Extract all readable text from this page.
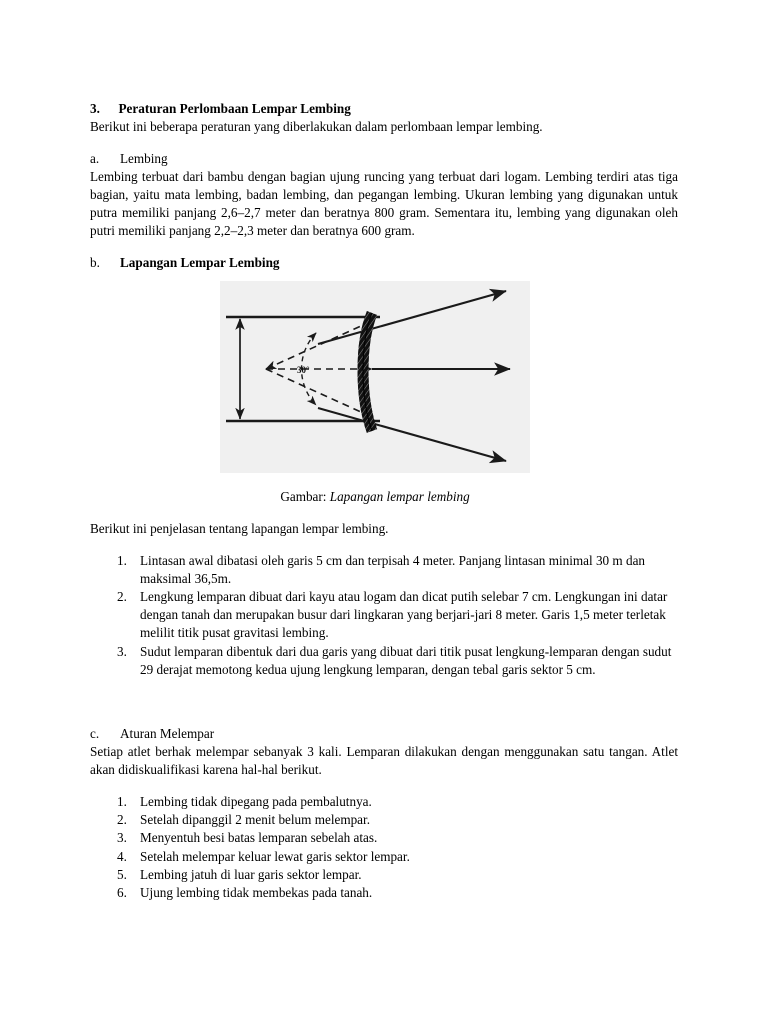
3. Peraturan Perlombaan Lempar Lembing

Berikut ini beberapa peraturan yang diberlakukan dalam perlombaan lempar lembing.

a. Lembing

Lembing terbuat dari bambu dengan bagian ujung runcing yang terbuat dari logam. Lembing terdiri atas tiga bagian, yaitu mata lembing, badan lembing, dan pegangan lembing. Ukuran lembing yang digunakan untuk putra memiliki panjang 2,6–2,7 meter dan beratnya 800 gram. Sementara itu, lembing yang digunakan oleh putri memiliki panjang 2,2–2,3 meter dan beratnya 600 gram.

b. Lapangan Lempar Lembing
30°
Gambar: Lapangan lempar lembing

Berikut ini penjelasan tentang lapangan lempar lembing.

1. Lintasan awal dibatasi oleh garis 5 cm dan terpisah 4 meter. Panjang lintasan minimal 30 m dan maksimal 36,5m.
2. Lengkung lemparan dibuat dari kayu atau logam dan dicat putih selebar 7 cm. Lengkungan ini datar dengan tanah dan merupakan busur dari lingkaran yang berjari-jari 8 meter. Garis 1,5 meter terletak melilit titik pusat gravitasi lembing.
3. Sudut lemparan dibentuk dari dua garis yang dibuat dari titik pusat lengkung-lemparan dengan sudut 29 derajat memotong kedua ujung lengkung lemparan, dengan tebal garis sektor 5 cm.
c. Aturan Melempar

Setiap atlet berhak melempar sebanyak 3 kali. Lemparan dilakukan dengan menggunakan satu tangan. Atlet akan didiskualifikasi karena hal-hal berikut.

1. Lembing tidak dipegang pada pembalutnya.
2. Setelah dipanggil 2 menit belum melempar.
3. Menyentuh besi batas lemparan sebelah atas.
4. Setelah melempar keluar lewat garis sektor lempar.
5. Lembing jatuh di luar garis sektor lempar.
6. Ujung lembing tidak membekas pada tanah.
